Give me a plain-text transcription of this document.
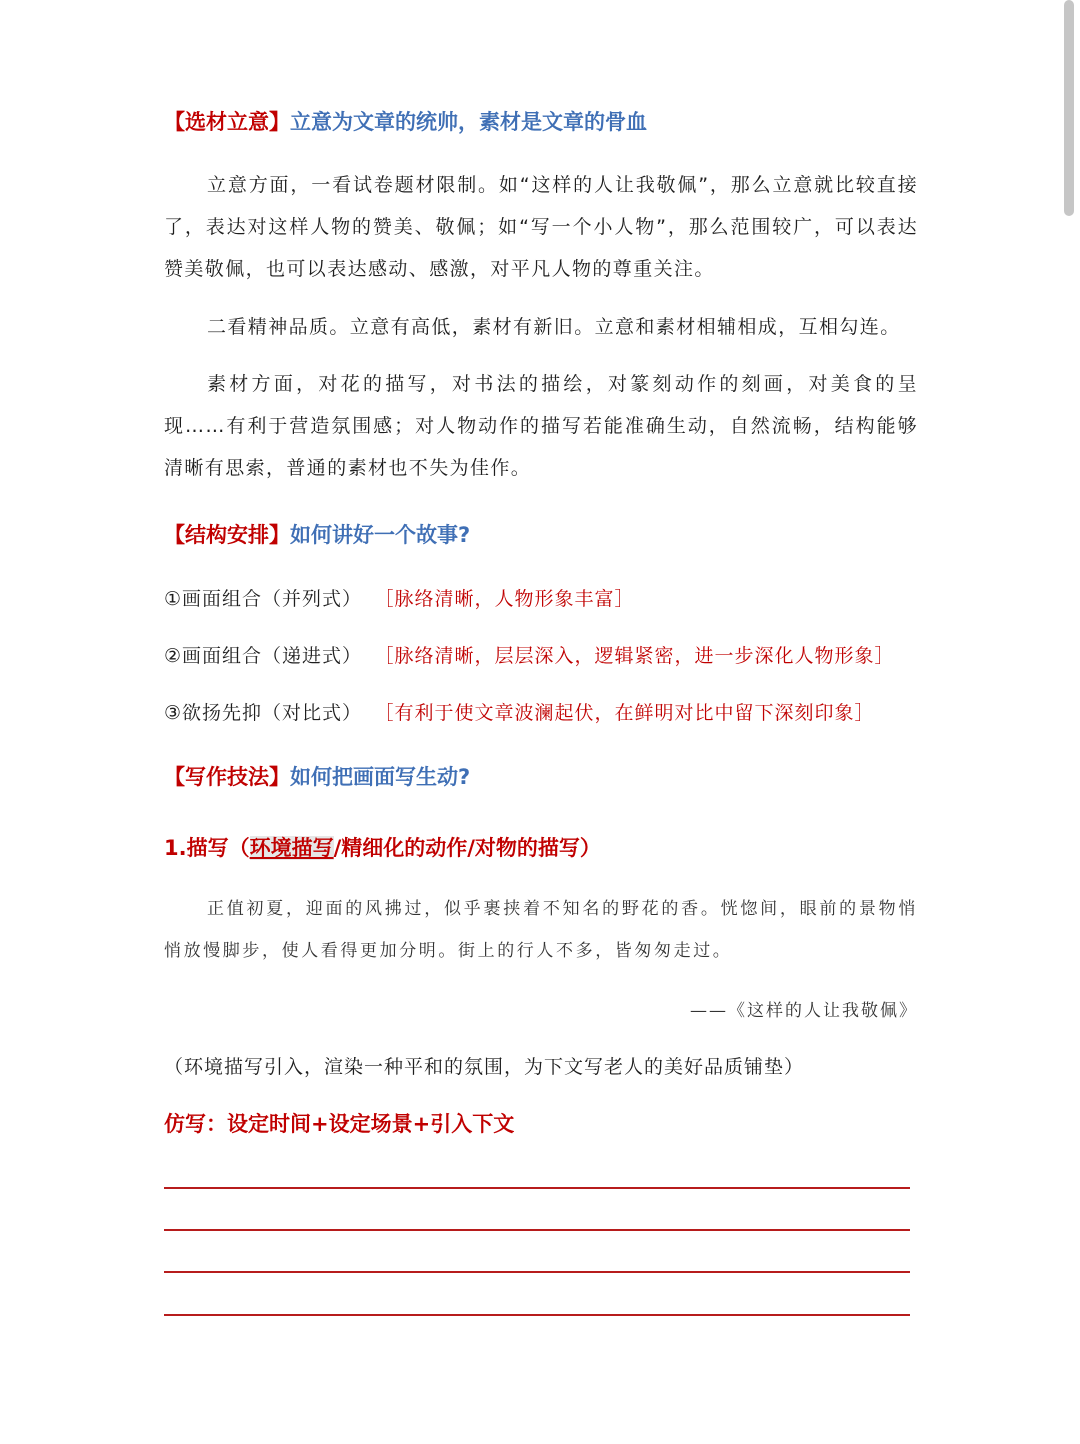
【选材立意】立意为文章的统帅，素材是文章的骨血
立意方面，一看试卷题材限制。如“这样的人让我敬佩”，那么立意就比较直接了，表达对这样人物的赞美、敬佩；如“写一个小人物”，那么范围较广，可以表达赞美敬佩，也可以表达感动、感激，对平凡人物的尊重关注。
二看精神品质。立意有高低，素材有新旧。立意和素材相辅相成，互相勾连。
素材方面，对花的描写，对书法的描绘，对篆刻动作的刻画，对美食的呈现……有利于营造氛围感；对人物动作的描写若能准确生动，自然流畅，结构能够清晰有思索，普通的素材也不失为佳作。
【结构安排】如何讲好一个故事?
①画面组合（并列式） ［脉络清晰，人物形象丰富］
②画面组合（递进式） ［脉络清晰，层层深入，逻辑紧密，进一步深化人物形象］
③欲扬先抑（对比式） ［有利于使文章波澜起伏，在鲜明对比中留下深刻印象］
【写作技法】如何把画面写生动?
1.描写（环境描写/精细化的动作/对物的描写）
正值初夏，迎面的风拂过，似乎裹挟着不知名的野花的香。恍惚间，眼前的景物悄悄放慢脚步，使人看得更加分明。街上的行人不多，皆匆匆走过。
——《这样的人让我敬佩》
（环境描写引入，渲染一种平和的氛围，为下文写老人的美好品质铺垫）
仿写：设定时间+设定场景+引入下文
